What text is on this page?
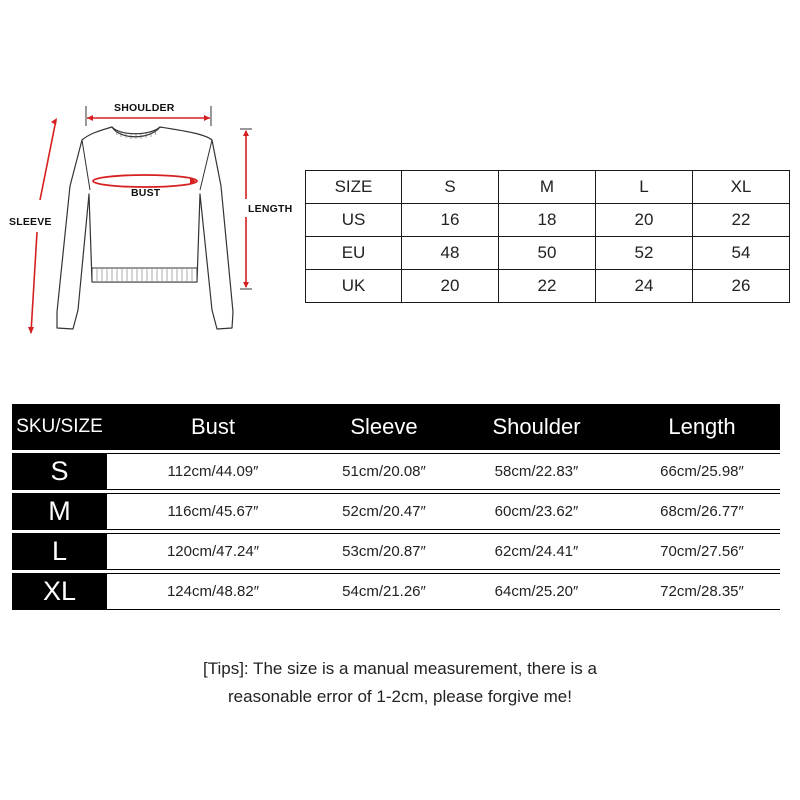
SHOULDER
BUST
LENGTH
SLEEVE
SIZE	S	M	L	XL
US	16	18	20	22
EU	48	50	52	54
UK	20	22	24	26
SKU/SIZE	Bust	Sleeve	Shoulder	Length
S	112cm/44.09″	51cm/20.08″	58cm/22.83″	66cm/25.98″
M	116cm/45.67″	52cm/20.47″	60cm/23.62″	68cm/26.77″
L	120cm/47.24″	53cm/20.87″	62cm/24.41″	70cm/27.56″
XL	124cm/48.82″	54cm/21.26″	64cm/25.20″	72cm/28.35″
[Tips]: The size is a manual measurement, there is a
reasonable error of 1-2cm, please forgive me!
